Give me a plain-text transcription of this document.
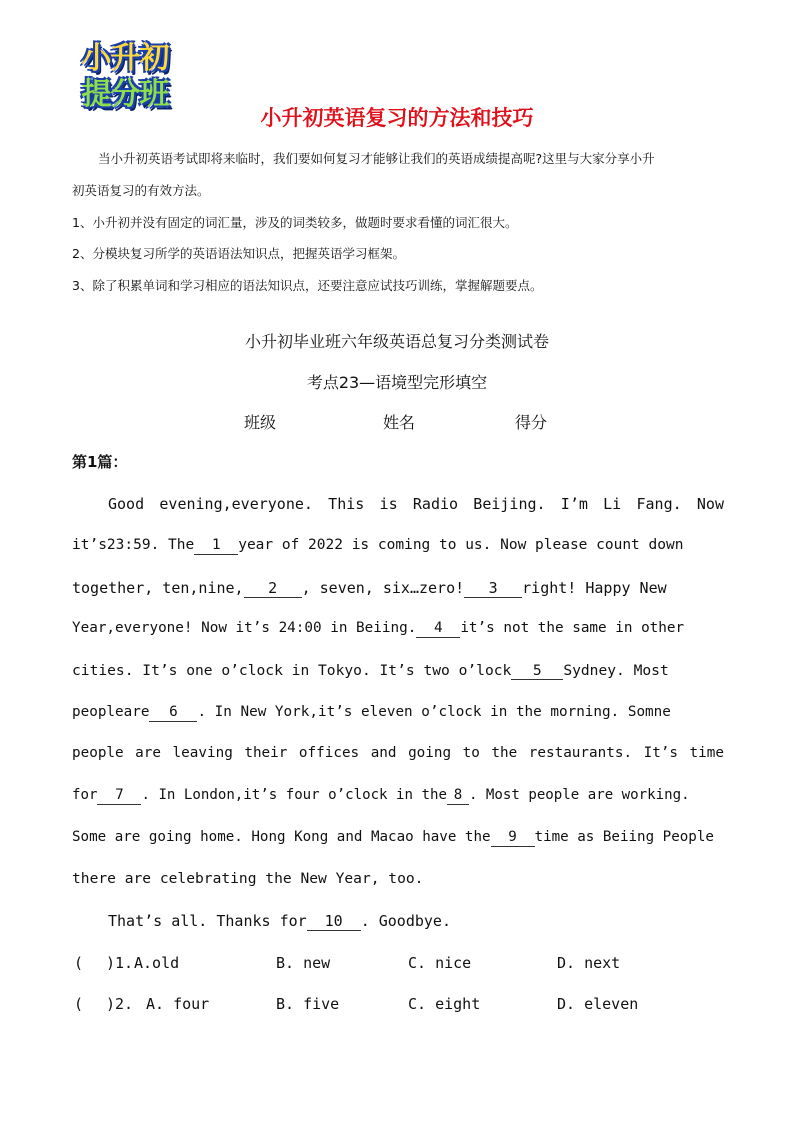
小升初
提分班
小升初英语复习的方法和技巧
当小升初英语考试即将来临时，我们要如何复习才能够让我们的英语成绩提高呢?这里与大家分享小升
初英语复习的有效方法。
1、小升初并没有固定的词汇量，涉及的词类较多，做题时要求看懂的词汇很大。
2、分模块复习所学的英语语法知识点，把握英语学习框架。
3、除了积累单词和学习相应的语法知识点，还要注意应试技巧训练，掌握解题要点。
小升初毕业班六年级英语总复习分类测试卷
考点23—语境型完形填空
班级	姓名	得分
第1篇：
Good evening,everyone. This is Radio Beijing. I’m Li Fang. Now
it’s23:59. The 1 year of 2022 is coming to us. Now please count down
together, ten,nine, 2 , seven, six…zero! 3 right! Happy New
Year,everyone! Now it’s 24:00 in Beiing. 4 it’s not the same in other
cities. It’s one o’clock in Tokyo. It’s two o’lock 5 Sydney. Most
peopleare 6 . In New York,it’s eleven o’clock in the morning. Somne
people are leaving their offices and going to the restaurants. It’s time
for 7 . In London,it’s four o’clock in the 8 . Most people are working.
Some are going home. Hong Kong and Macao have the 9 time as Beiing People
there are celebrating the New Year, too.
That’s all. Thanks for 10 . Goodbye.
( )1. A.old	B. new	C. nice	D. next
( )2. A. four	B. five	C. eight	D. eleven
